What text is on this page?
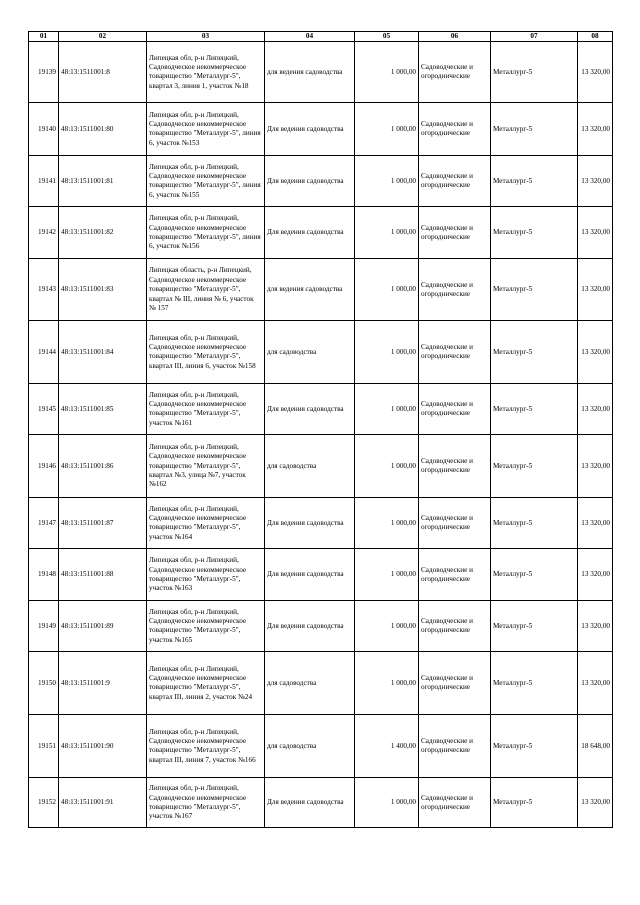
01	02	03	04	05	06	07	08
19139	48:13:1511001:8	Липецкая обл, р-н Липецкий, Садоводческое некоммерческое товарищество "Металлург-5", квартал 3, линия 1, участок №18	для ведения садоводства	1 000,00	Садоводческие и огороднические	Металлург-5	13 320,00
19140	48:13:1511001:80	Липецкая обл, р-н Липецкий, Садоводческое некоммерческое товарищество "Металлург-5", линия 6, участок №153	Для ведения садоводства	1 000,00	Садоводческие и огороднические	Металлург-5	13 320,00
19141	48:13:1511001:81	Липецкая обл, р-н Липецкий, Садоводческое некоммерческое товарищество "Металлург-5", линия 6, участок №155	Для ведения садоводства	1 000,00	Садоводческие и огороднические	Металлург-5	13 320,00
19142	48:13:1511001:82	Липецкая обл, р-н Липецкий, Садоводческое некоммерческое товарищество "Металлург-5", линия 6, участок №156	Для ведения садоводства	1 000,00	Садоводческие и огороднические	Металлург-5	13 320,00
19143	48:13:1511001:83	Липецкая область, р-н Липецкий, Садоводческое некоммерческое товарищество "Металлург-5", квартал № III, линия № 6, участок № 157	для ведения садоводства	1 000,00	Садоводческие и огороднические	Металлург-5	13 320,00
19144	48:13:1511001:84	Липецкая обл, р-н Липецкий, Садоводческое некоммерческое товарищество "Металлург-5", квартал III, линия 6, участок №158	для садоводства	1 000,00	Садоводческие и огороднические	Металлург-5	13 320,00
19145	48:13:1511001:85	Липецкая обл, р-н Липецкий, Садоводческое некоммерческое товарищество "Металлург-5", участок №161	Для ведения садоводства	1 000,00	Садоводческие и огороднические	Металлург-5	13 320,00
19146	48:13:1511001:86	Липецкая обл, р-н Липецкий, Садоводческое некоммерческое товарищество "Металлург-5", квартал №3, улица №7, участок №162	для садоводства	1 000,00	Садоводческие и огороднические	Металлург-5	13 320,00
19147	48:13:1511001:87	Липецкая обл, р-н Липецкий, Садоводческое некоммерческое товарищество "Металлург-5", участок №164	Для ведения садоводства	1 000,00	Садоводческие и огороднические	Металлург-5	13 320,00
19148	48:13:1511001:88	Липецкая обл, р-н Липецкий, Садоводческое некоммерческое товарищество "Металлург-5", участок №163	Для ведения садоводства	1 000,00	Садоводческие и огороднические	Металлург-5	13 320,00
19149	48:13:1511001:89	Липецкая обл, р-н Липецкий, Садоводческое некоммерческое товарищество "Металлург-5", участок №165	Для ведения садоводства	1 000,00	Садоводческие и огороднические	Металлург-5	13 320,00
19150	48:13:1511001:9	Липецкая обл, р-н Липецкий, Садоводческое некоммерческое товарищество "Металлург-5", квартал III, линия 2, участок №24	для садоводства	1 000,00	Садоводческие и огороднические	Металлург-5	13 320,00
19151	48:13:1511001:90	Липецкая обл, р-н Липецкий, Садоводческое некоммерческое товарищество "Металлург-5", квартал III, линия 7, участок №166	для садоводства	1 400,00	Садоводческие и огороднические	Металлург-5	18 648,00
19152	48:13:1511001:91	Липецкая обл, р-н Липецкий, Садоводческое некоммерческое товарищество "Металлург-5", участок №167	Для ведения садоводства	1 000,00	Садоводческие и огороднические	Металлург-5	13 320,00
